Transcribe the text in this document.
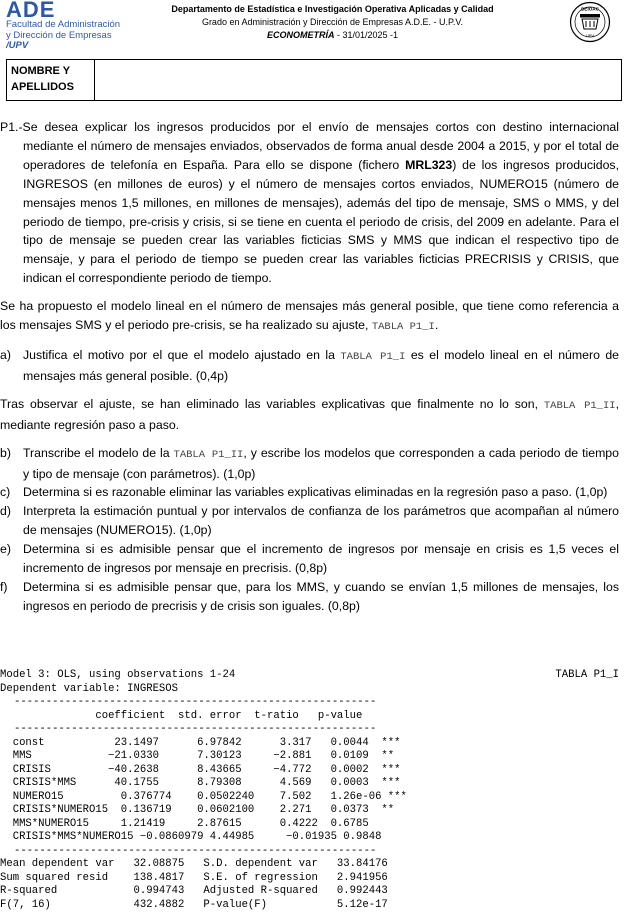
ADE
Facultad de Administración
y Dirección de Empresas /UPV
Departamento de Estadística e Investigación Operativa Aplicadas y Calidad
Grado en Administración y Dirección de Empresas A.D.E. - U.P.V.
ECONOMETRÍA - 31/01/2025 -1
DEIOAC
UPV
NOMBRE Y APELLIDOS

P1.-Se desea explicar los ingresos producidos por el envío de mensajes cortos con destino internacional mediante el número de mensajes enviados, observados de forma anual desde 2004 a 2015, y por el total de operadores de telefonía en España. Para ello se dispone (fichero MRL323) de los ingresos producidos, INGRESOS (en millones de euros) y el número de mensajes cortos enviados, NUMERO15 (número de mensajes menos 1,5 millones, en millones de mensajes), además del tipo de mensaje, SMS o MMS, y del periodo de tiempo, pre-crisis y crisis, si se tiene en cuenta el periodo de crisis, del 2009 en adelante. Para el tipo de mensaje se pueden crear las variables ficticias SMS y MMS que indican el respectivo tipo de mensaje, y para el periodo de tiempo se pueden crear las variables ficticias PRECRISIS y CRISIS, que indican el correspondiente periodo de tiempo.

Se ha propuesto el modelo lineal en el número de mensajes más general posible, que tiene como referencia a los mensajes SMS y el periodo pre-crisis, se ha realizado su ajuste, TABLA P1_I.

a) Justifica el motivo por el que el modelo ajustado en la TABLA P1_I es el modelo lineal en el número de mensajes más general posible. (0,4p)

Tras observar el ajuste, se han eliminado las variables explicativas que finalmente no lo son, TABLA P1_II, mediante regresión paso a paso.

b) Transcribe el modelo de la TABLA P1_II, y escribe los modelos que corresponden a cada periodo de tiempo y tipo de mensaje (con parámetros). (1,0p)
c)	Determina si es razonable eliminar las variables explicativas eliminadas en la regresión paso a paso. (1,0p)
d) Interpreta la estimación puntual y por intervalos de confianza de los parámetros que acompañan al número de mensajes (NUMERO15). (1,0p)
e) Determina si es admisible pensar que el incremento de ingresos por mensaje en crisis es 1,5 veces el incremento de ingresos por mensaje en precrisis. (0,8p)
f)	Determina si es admisible pensar que, para los MMS, y cuando se envían 1,5 millones de mensajes, los ingresos en periodo de precrisis y de crisis son iguales. (0,8p)
Model 3: OLS, using observations 1-24	TABLA P1_I
Dependent variable: INGRESOS
---------------------------------------------------------
coefficient  std. error  t-ratio   p-value
---------------------------------------------------------
const           23.1497      6.97842      3.317   0.0044  ***
MMS            −21.0330      7.30123     −2.881   0.0109  **
CRISIS         −40.2638      8.43665     −4.772   0.0002  ***
CRISIS*MMS      40.1755      8.79308      4.569   0.0003  ***
NUMERO15         0.376774    0.0502240    7.502   1.26e-06 ***
CRISIS*NUMERO15  0.136719    0.0602100    2.271   0.0373  **
MMS*NUMERO15     1.21419     2.87615      0.4222  0.6785
CRISIS*MMS*NUMERO15 −0.0860979 4.44985     −0.01935 0.9848
---------------------------------------------------------
Mean dependent var   32.08875   S.D. dependent var   33.84176
Sum squared resid    138.4817   S.E. of regression   2.941956
R-squared            0.994743   Adjusted R-squared   0.992443
F(7, 16)             432.4882   P-value(F)           5.12e-17
